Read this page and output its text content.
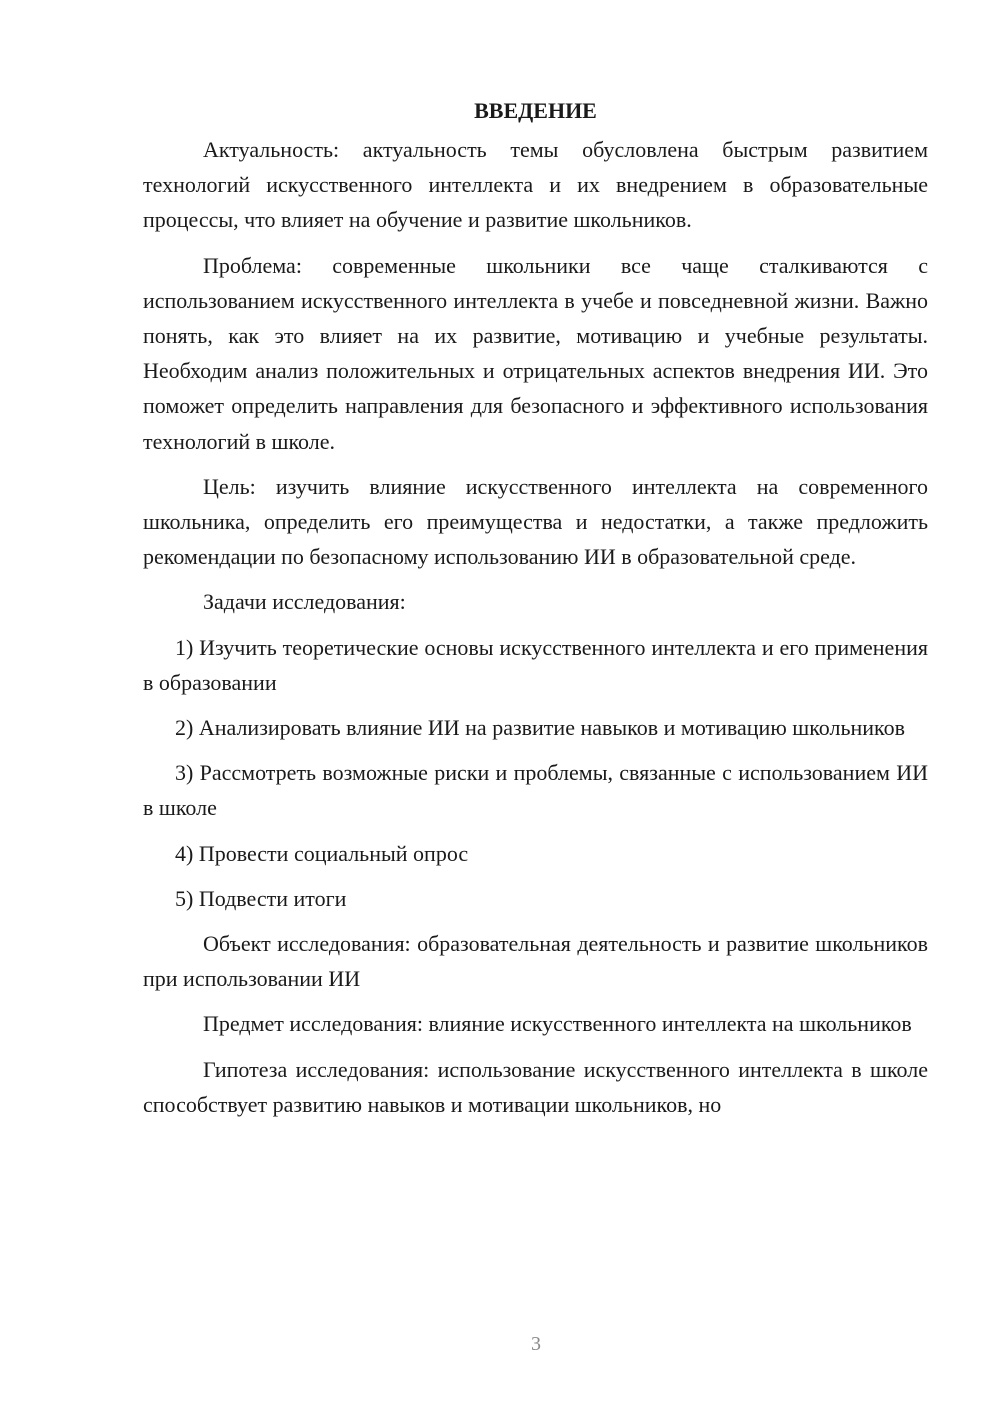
ВВЕДЕНИЕ

Актуальность: актуальность темы обусловлена быстрым развитием технологий искусственного интеллекта и их внедрением в образовательные процессы, что влияет на обучение и развитие школьников.

Проблема: современные школьники все чаще сталкиваются с использованием искусственного интеллекта в учебе и повседневной жизни. Важно понять, как это влияет на их развитие, мотивацию и учебные результаты. Необходим анализ положительных и отрицательных аспектов внедрения ИИ. Это поможет определить направления для безопасного и эффективного использования технологий в школе.

Цель: изучить влияние искусственного интеллекта на современного школьника, определить его преимущества и недостатки, а также предложить рекомендации по безопасному использованию ИИ в образовательной среде.

Задачи исследования:

1) Изучить теоретические основы искусственного интеллекта и его применения в образовании

2) Анализировать влияние ИИ на развитие навыков и мотивацию школьников

3) Рассмотреть возможные риски и проблемы, связанные с использованием ИИ в школе

4) Провести социальный опрос

5) Подвести итоги

Объект исследования: образовательная деятельность и развитие школьников при использовании ИИ

Предмет исследования: влияние искусственного интеллекта на школьников

Гипотеза исследования: использование искусственного интеллекта в школе способствует развитию навыков и мотивации школьников, но

3
